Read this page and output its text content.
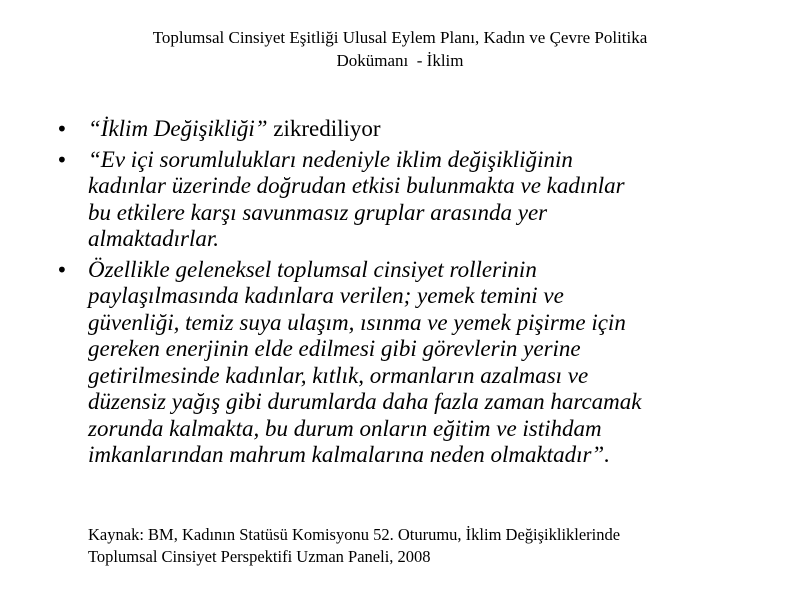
Toplumsal Cinsiyet Eşitliği Ulusal Eylem Planı, Kadın ve Çevre Politika
Dokümanı  - İklim
• “İklim Değişikliği” zikrediliyor
• “Ev içi sorumlulukları nedeniyle iklim değişikliğinin
kadınlar üzerinde doğrudan etkisi bulunmakta ve kadınlar
bu etkilere karşı savunmasız gruplar arasında yer
almaktadırlar.
• Özellikle geleneksel toplumsal cinsiyet rollerinin
paylaşılmasında kadınlara verilen; yemek temini ve
güvenliği, temiz suya ulaşım, ısınma ve yemek pişirme için
gereken enerjinin elde edilmesi gibi görevlerin yerine
getirilmesinde kadınlar, kıtlık, ormanların azalması ve
düzensiz yağış gibi durumlarda daha fazla zaman harcamak
zorunda kalmakta, bu durum onların eğitim ve istihdam
imkanlarından mahrum kalmalarına neden olmaktadır”.
Kaynak: BM, Kadının Statüsü Komisyonu 52. Oturumu, İklim Değişikliklerinde
Toplumsal Cinsiyet Perspektifi Uzman Paneli, 2008
